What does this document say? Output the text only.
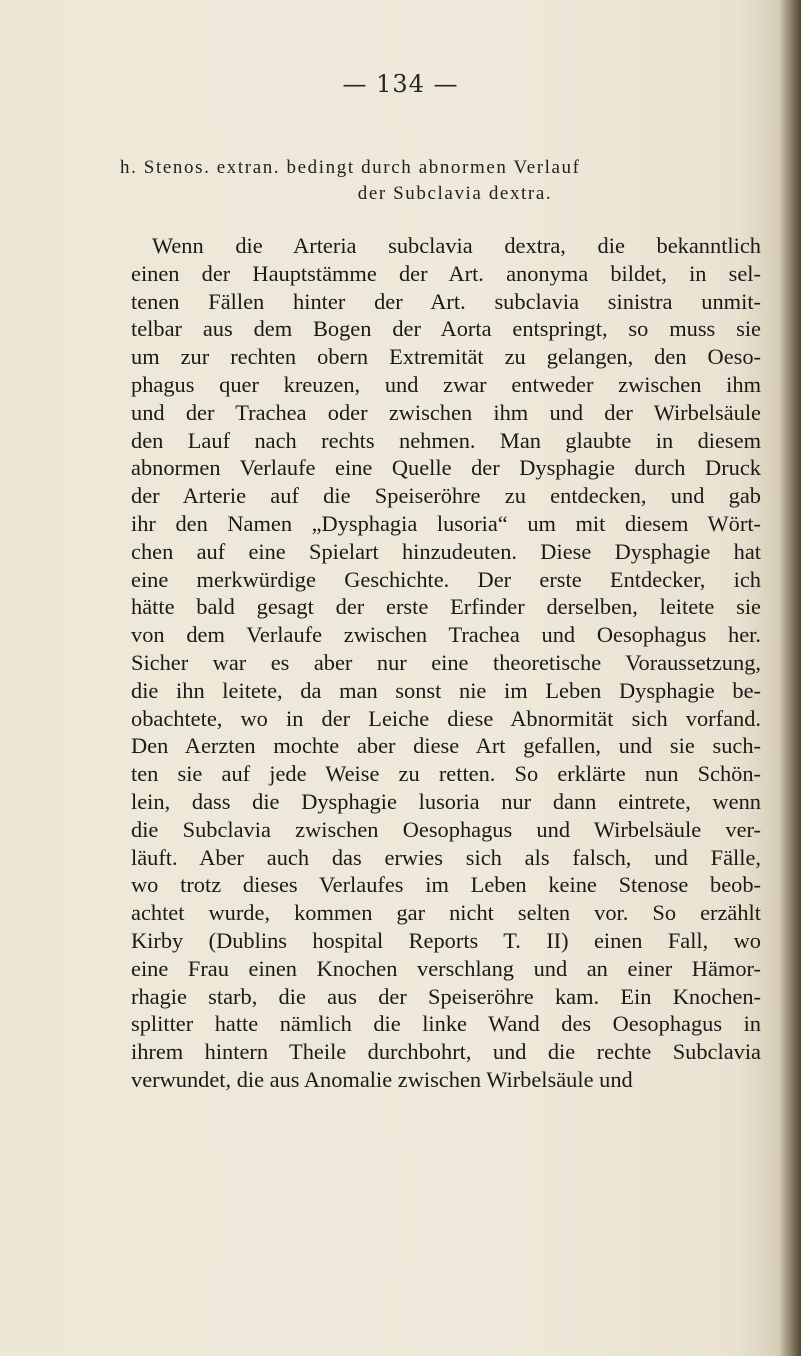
— 134 —
h. Stenos. extran. bedingt durch abnormen Verlauf
der Subclavia dextra.
Wenn die Arteria subclavia dextra, die bekanntlich
einen der Hauptstämme der Art. anonyma bildet, in sel-
tenen Fällen hinter der Art. subclavia sinistra unmit-
telbar aus dem Bogen der Aorta entspringt, so muss sie
um zur rechten obern Extremität zu gelangen, den Oeso-
phagus quer kreuzen, und zwar entweder zwischen ihm
und der Trachea oder zwischen ihm und der Wirbelsäule
den Lauf nach rechts nehmen. Man glaubte in diesem
abnormen Verlaufe eine Quelle der Dysphagie durch Druck
der Arterie auf die Speiseröhre zu entdecken, und gab
ihr den Namen „Dysphagia lusoria“ um mit diesem Wört-
chen auf eine Spielart hinzudeuten. Diese Dysphagie hat
eine merkwürdige Geschichte. Der erste Entdecker, ich
hätte bald gesagt der erste Erfinder derselben, leitete sie
von dem Verlaufe zwischen Trachea und Oesophagus her.
Sicher war es aber nur eine theoretische Voraussetzung,
die ihn leitete, da man sonst nie im Leben Dysphagie be-
obachtete, wo in der Leiche diese Abnormität sich vorfand.
Den Aerzten mochte aber diese Art gefallen, und sie such-
ten sie auf jede Weise zu retten. So erklärte nun Schön-
lein, dass die Dysphagie lusoria nur dann eintrete, wenn
die Subclavia zwischen Oesophagus und Wirbelsäule ver-
läuft. Aber auch das erwies sich als falsch, und Fälle,
wo trotz dieses Verlaufes im Leben keine Stenose beob-
achtet wurde, kommen gar nicht selten vor. So erzählt
Kirby (Dublins hospital Reports T. II) einen Fall, wo
eine Frau einen Knochen verschlang und an einer Hämor-
rhagie starb, die aus der Speiseröhre kam. Ein Knochen-
splitter hatte nämlich die linke Wand des Oesophagus in
ihrem hintern Theile durchbohrt, und die rechte Subclavia
verwundet, die aus Anomalie zwischen Wirbelsäule und
